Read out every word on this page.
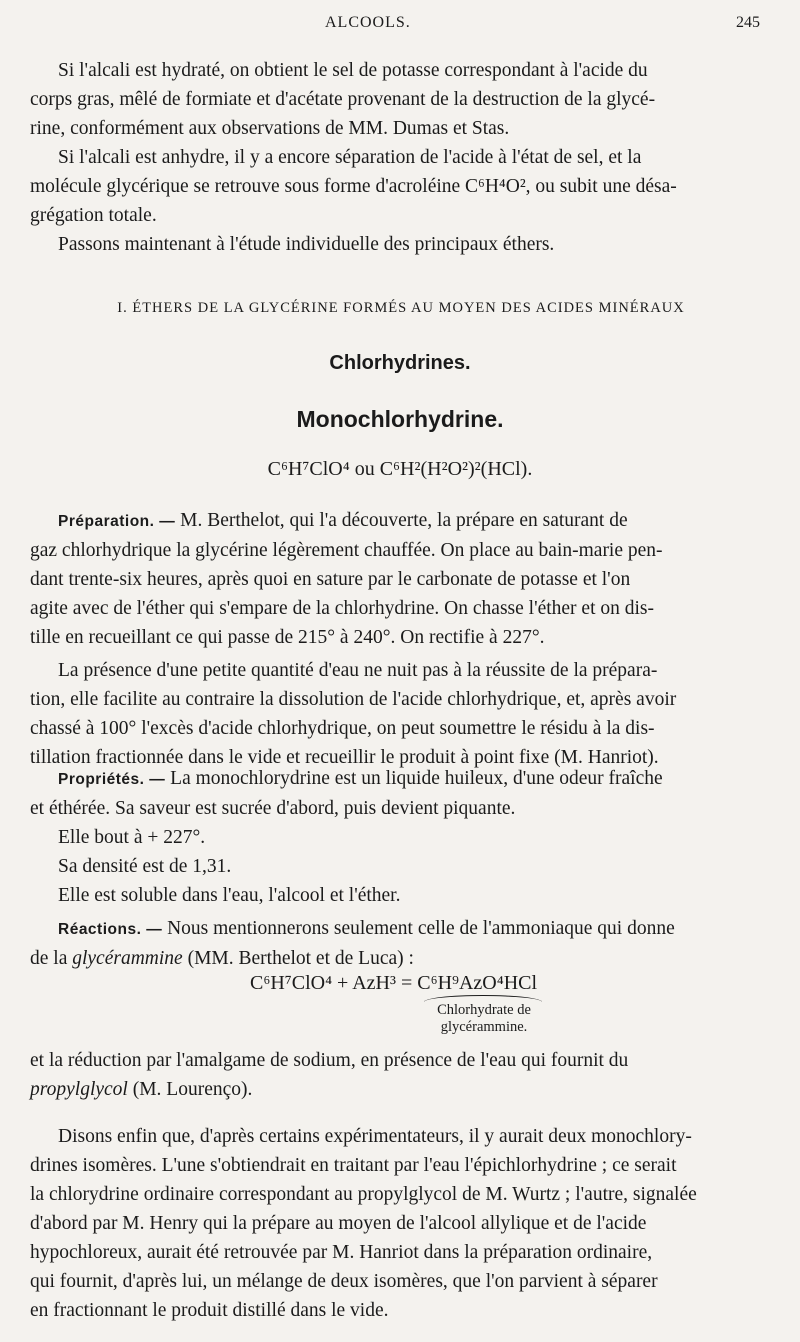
ALCOOLS.	245

Si l'alcali est hydraté, on obtient le sel de potasse correspondant à l'acide du
corps gras, mêlé de formiate et d'acétate provenant de la destruction de la glycé-
rine, conformément aux observations de MM. Dumas et Stas.

Si l'alcali est anhydre, il y a encore séparation de l'acide à l'état de sel, et la
molécule glycérique se retrouve sous forme d'acroléine C⁶H⁴O², ou subit une désa-
grégation totale.

Passons maintenant à l'étude individuelle des principaux éthers.

I. ÉTHERS DE LA GLYCÉRINE FORMÉS AU MOYEN DES ACIDES MINÉRAUX
Chlorhydrines.
Monochlorhydrine.
C⁶H⁷ClO⁴ ou C⁶H²(H²O²)²(HCl).

Préparation. — M. Berthelot, qui l'a découverte, la prépare en saturant de
gaz chlorhydrique la glycérine légèrement chauffée. On place au bain-marie pen-
dant trente-six heures, après quoi en sature par le carbonate de potasse et l'on
agite avec de l'éther qui s'empare de la chlorhydrine. On chasse l'éther et on dis-
tille en recueillant ce qui passe de 215° à 240°. On rectifie à 227°.

La présence d'une petite quantité d'eau ne nuit pas à la réussite de la prépara-
tion, elle facilite au contraire la dissolution de l'acide chlorhydrique, et, après avoir
chassé à 100° l'excès d'acide chlorhydrique, on peut soumettre le résidu à la dis-
tillation fractionnée dans le vide et recueillir le produit à point fixe (M. Hanriot).

Propriétés. — La monochlorydrine est un liquide huileux, d'une odeur fraîche
et éthérée. Sa saveur est sucrée d'abord, puis devient piquante.

Elle bout à + 227°.

Sa densité est de 1,31.

Elle est soluble dans l'eau, l'alcool et l'éther.

Réactions. — Nous mentionnerons seulement celle de l'ammoniaque qui donne
de la glycérammine (MM. Berthelot et de Luca) :

C⁶H⁷ClO⁴ + AzH³ = C⁶H⁹AzO⁴HCl
Chlorhydrate de
glycérammine.

et la réduction par l'amalgame de sodium, en présence de l'eau qui fournit du
propylglycol (M. Lourenço).

Disons enfin que, d'après certains expérimentateurs, il y aurait deux monochlory-
drines isomères. L'une s'obtiendrait en traitant par l'eau l'épichlorhydrine ; ce serait
la chlorydrine ordinaire correspondant au propylglycol de M. Wurtz ; l'autre, signalée
d'abord par M. Henry qui la prépare au moyen de l'alcool allylique et de l'acide
hypochloreux, aurait été retrouvée par M. Hanriot dans la préparation ordinaire,
qui fournit, d'après lui, un mélange de deux isomères, que l'on parvient à séparer
en fractionnant le produit distillé dans le vide.
